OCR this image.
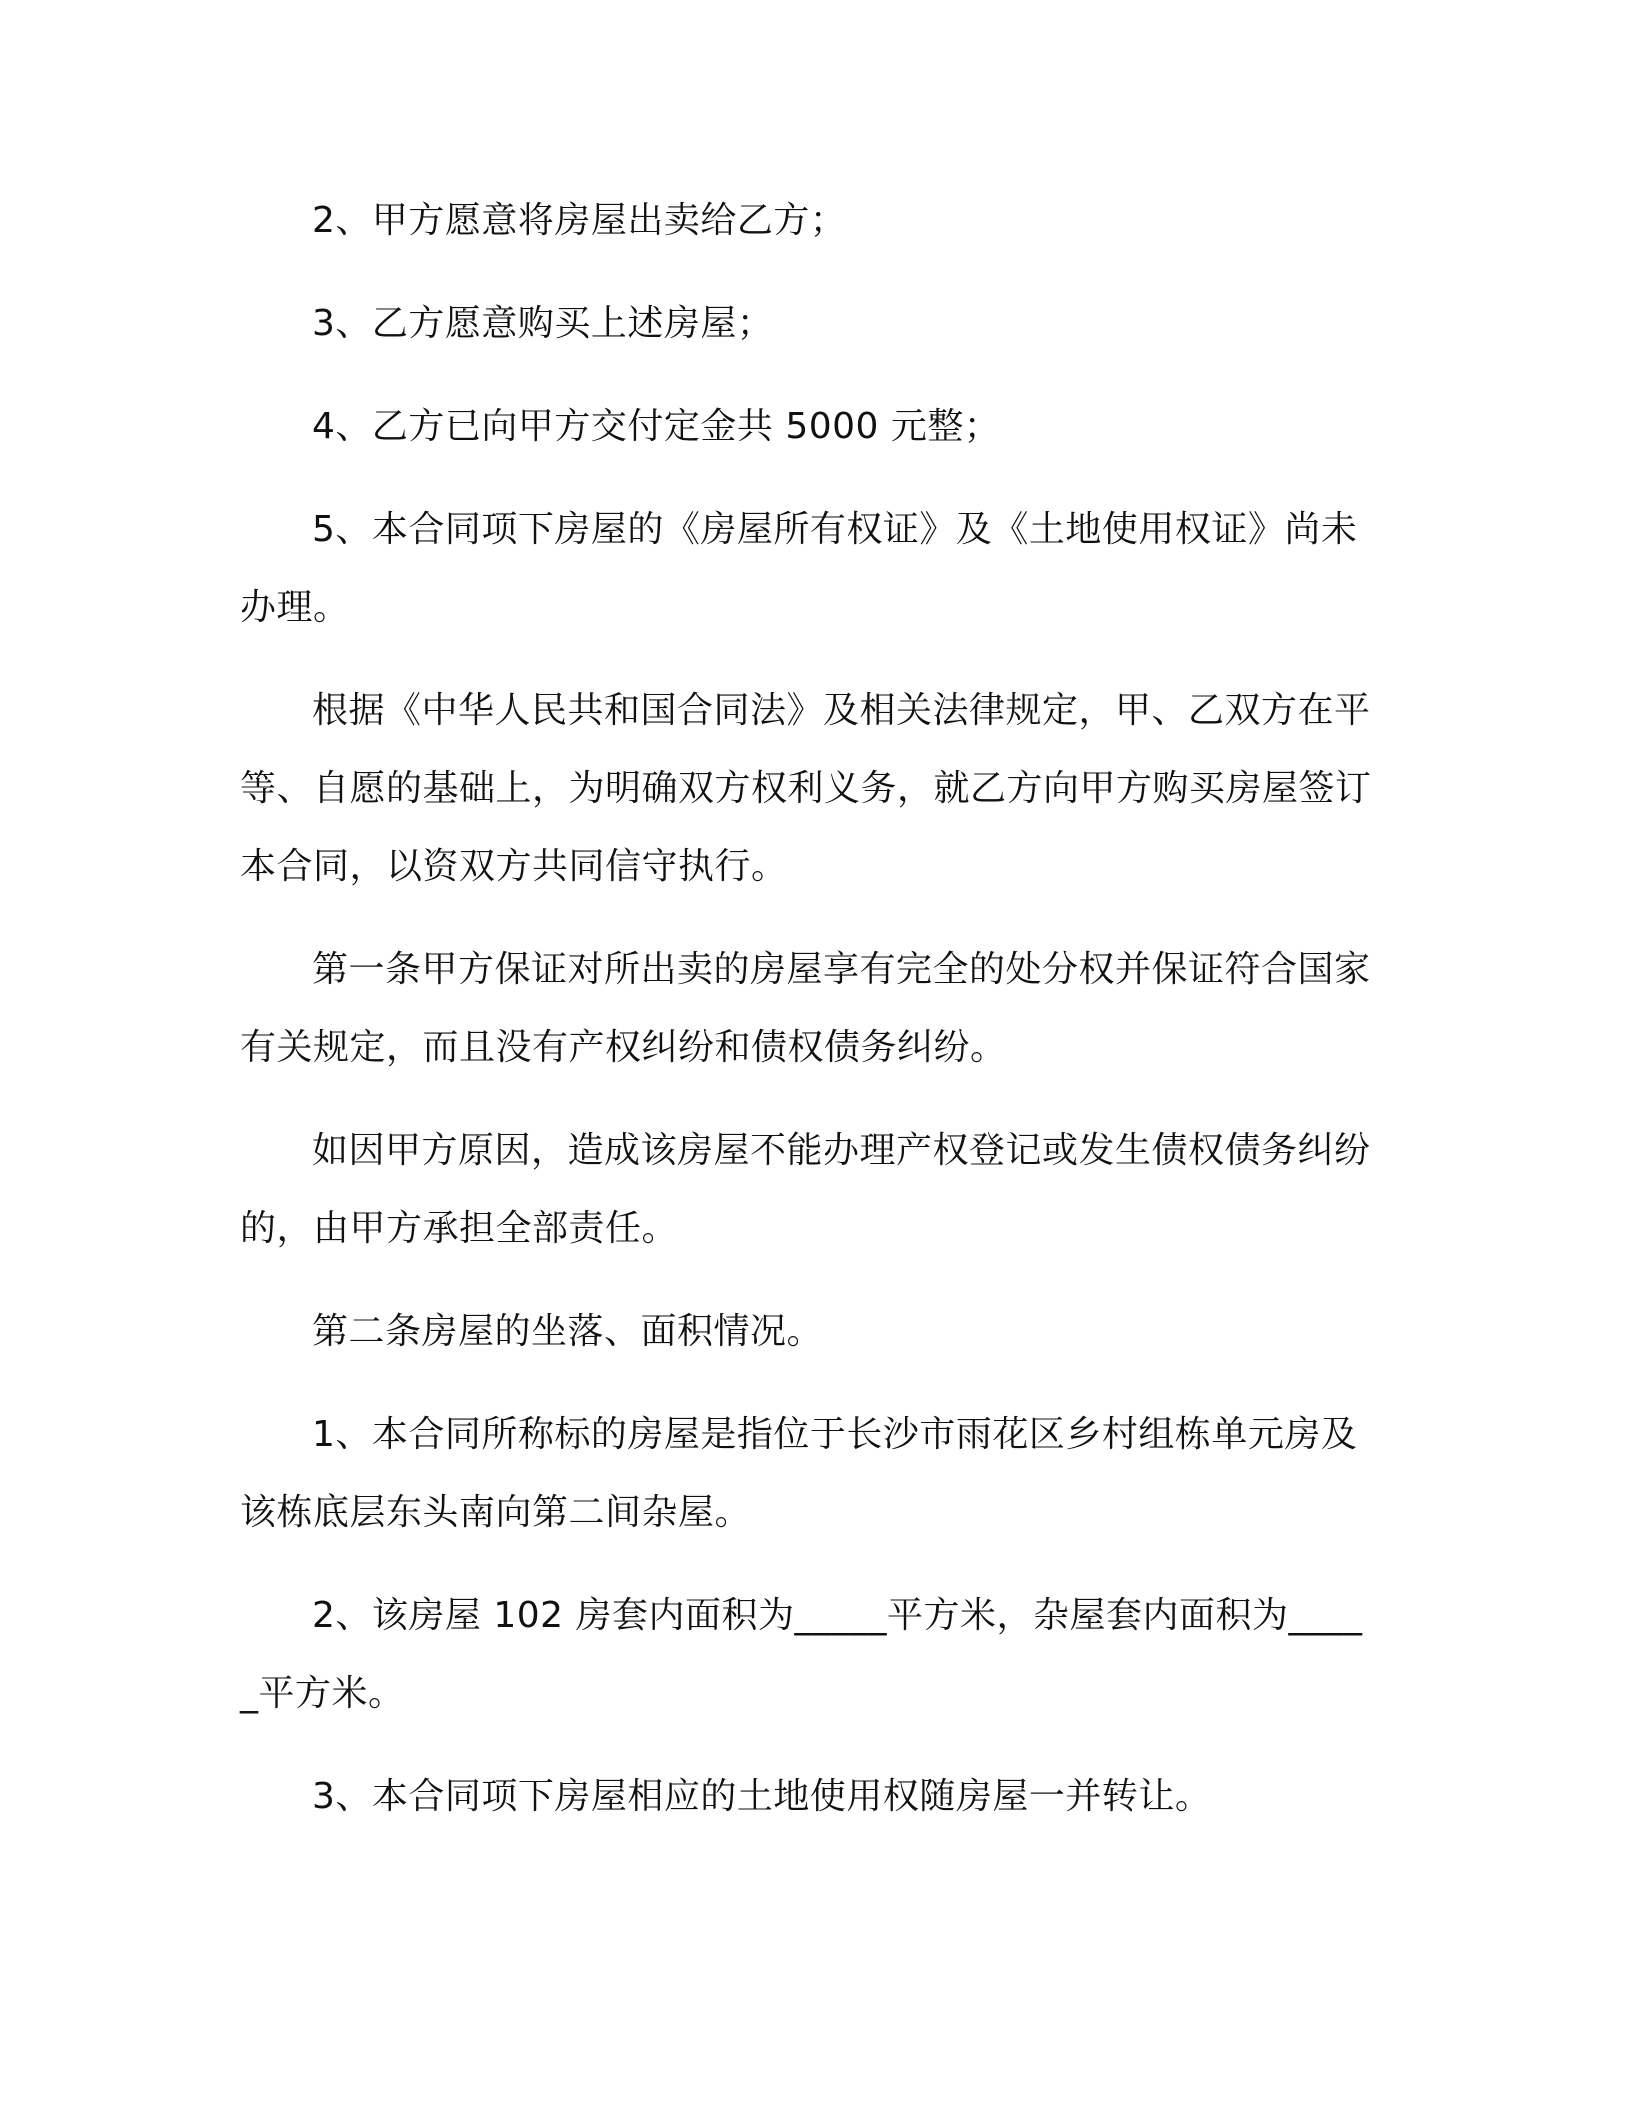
2、甲方愿意将房屋出卖给乙方；

3、乙方愿意购买上述房屋；

4、乙方已向甲方交付定金共 5000 元整；

5、本合同项下房屋的《房屋所有权证》及《土地使用权证》尚未办理。

根据《中华人民共和国合同法》及相关法律规定，甲、乙双方在平等、自愿的基础上，为明确双方权利义务，就乙方向甲方购买房屋签订本合同，以资双方共同信守执行。

第一条甲方保证对所出卖的房屋享有完全的处分权并保证符合国家有关规定，而且没有产权纠纷和债权债务纠纷。

如因甲方原因，造成该房屋不能办理产权登记或发生债权债务纠纷的，由甲方承担全部责任。

第二条房屋的坐落、面积情况。

1、本合同所称标的房屋是指位于长沙市雨花区乡村组栋单元房及该栋底层东头南向第二间杂屋。

2、该房屋 102 房套内面积为_____平方米，杂屋套内面积为_____平方米。

3、本合同项下房屋相应的土地使用权随房屋一并转让。
